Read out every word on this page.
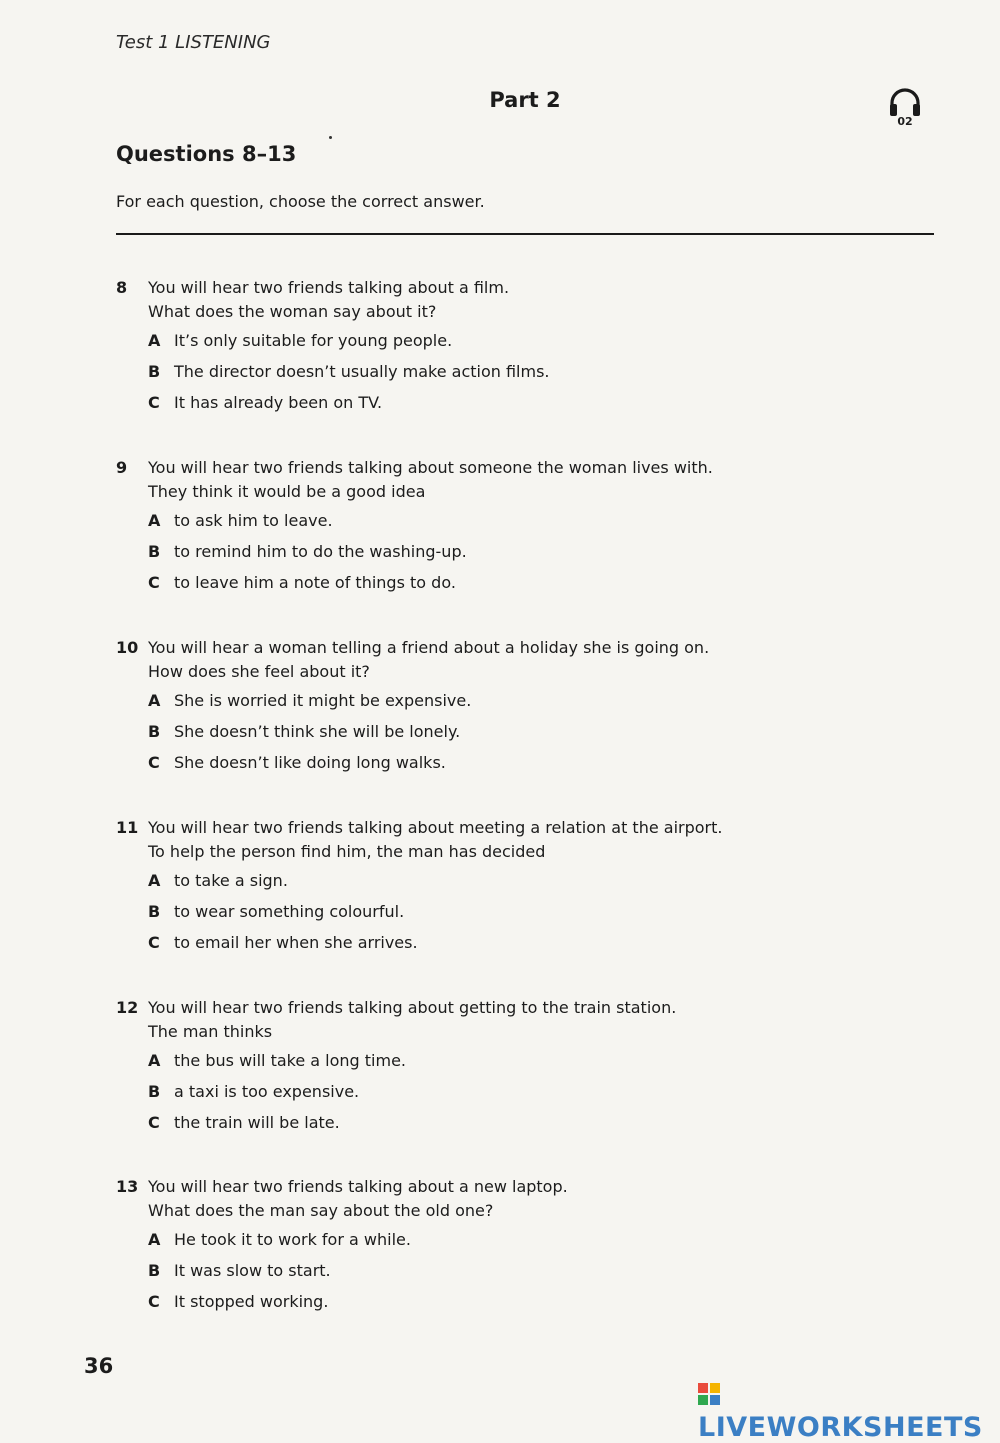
Test 1 LISTENING
Part 2
02
Questions 8–13
For each question, choose the correct answer.
8	You will hear two friends talking about a film.
What does the woman say about it?
A It’s only suitable for young people.
B The director doesn’t usually make action films.
C It has already been on TV.
9	You will hear two friends talking about someone the woman lives with.
They think it would be a good idea
A to ask him to leave.
B to remind him to do the washing-up.
C to leave him a note of things to do.
10 You will hear a woman telling a friend about a holiday she is going on.
How does she feel about it?
A She is worried it might be expensive.
B She doesn’t think she will be lonely.
C She doesn’t like doing long walks.
11 You will hear two friends talking about meeting a relation at the airport.
To help the person find him, the man has decided
A to take a sign.
B to wear something colourful.
C to email her when she arrives.
12 You will hear two friends talking about getting to the train station.
The man thinks
A the bus will take a long time.
B a taxi is too expensive.
C the train will be late.
13 You will hear two friends talking about a new laptop.
What does the man say about the old one?
A He took it to work for a while.
B It was slow to start.
C It stopped working.
36
LIVEWORKSHEETS
